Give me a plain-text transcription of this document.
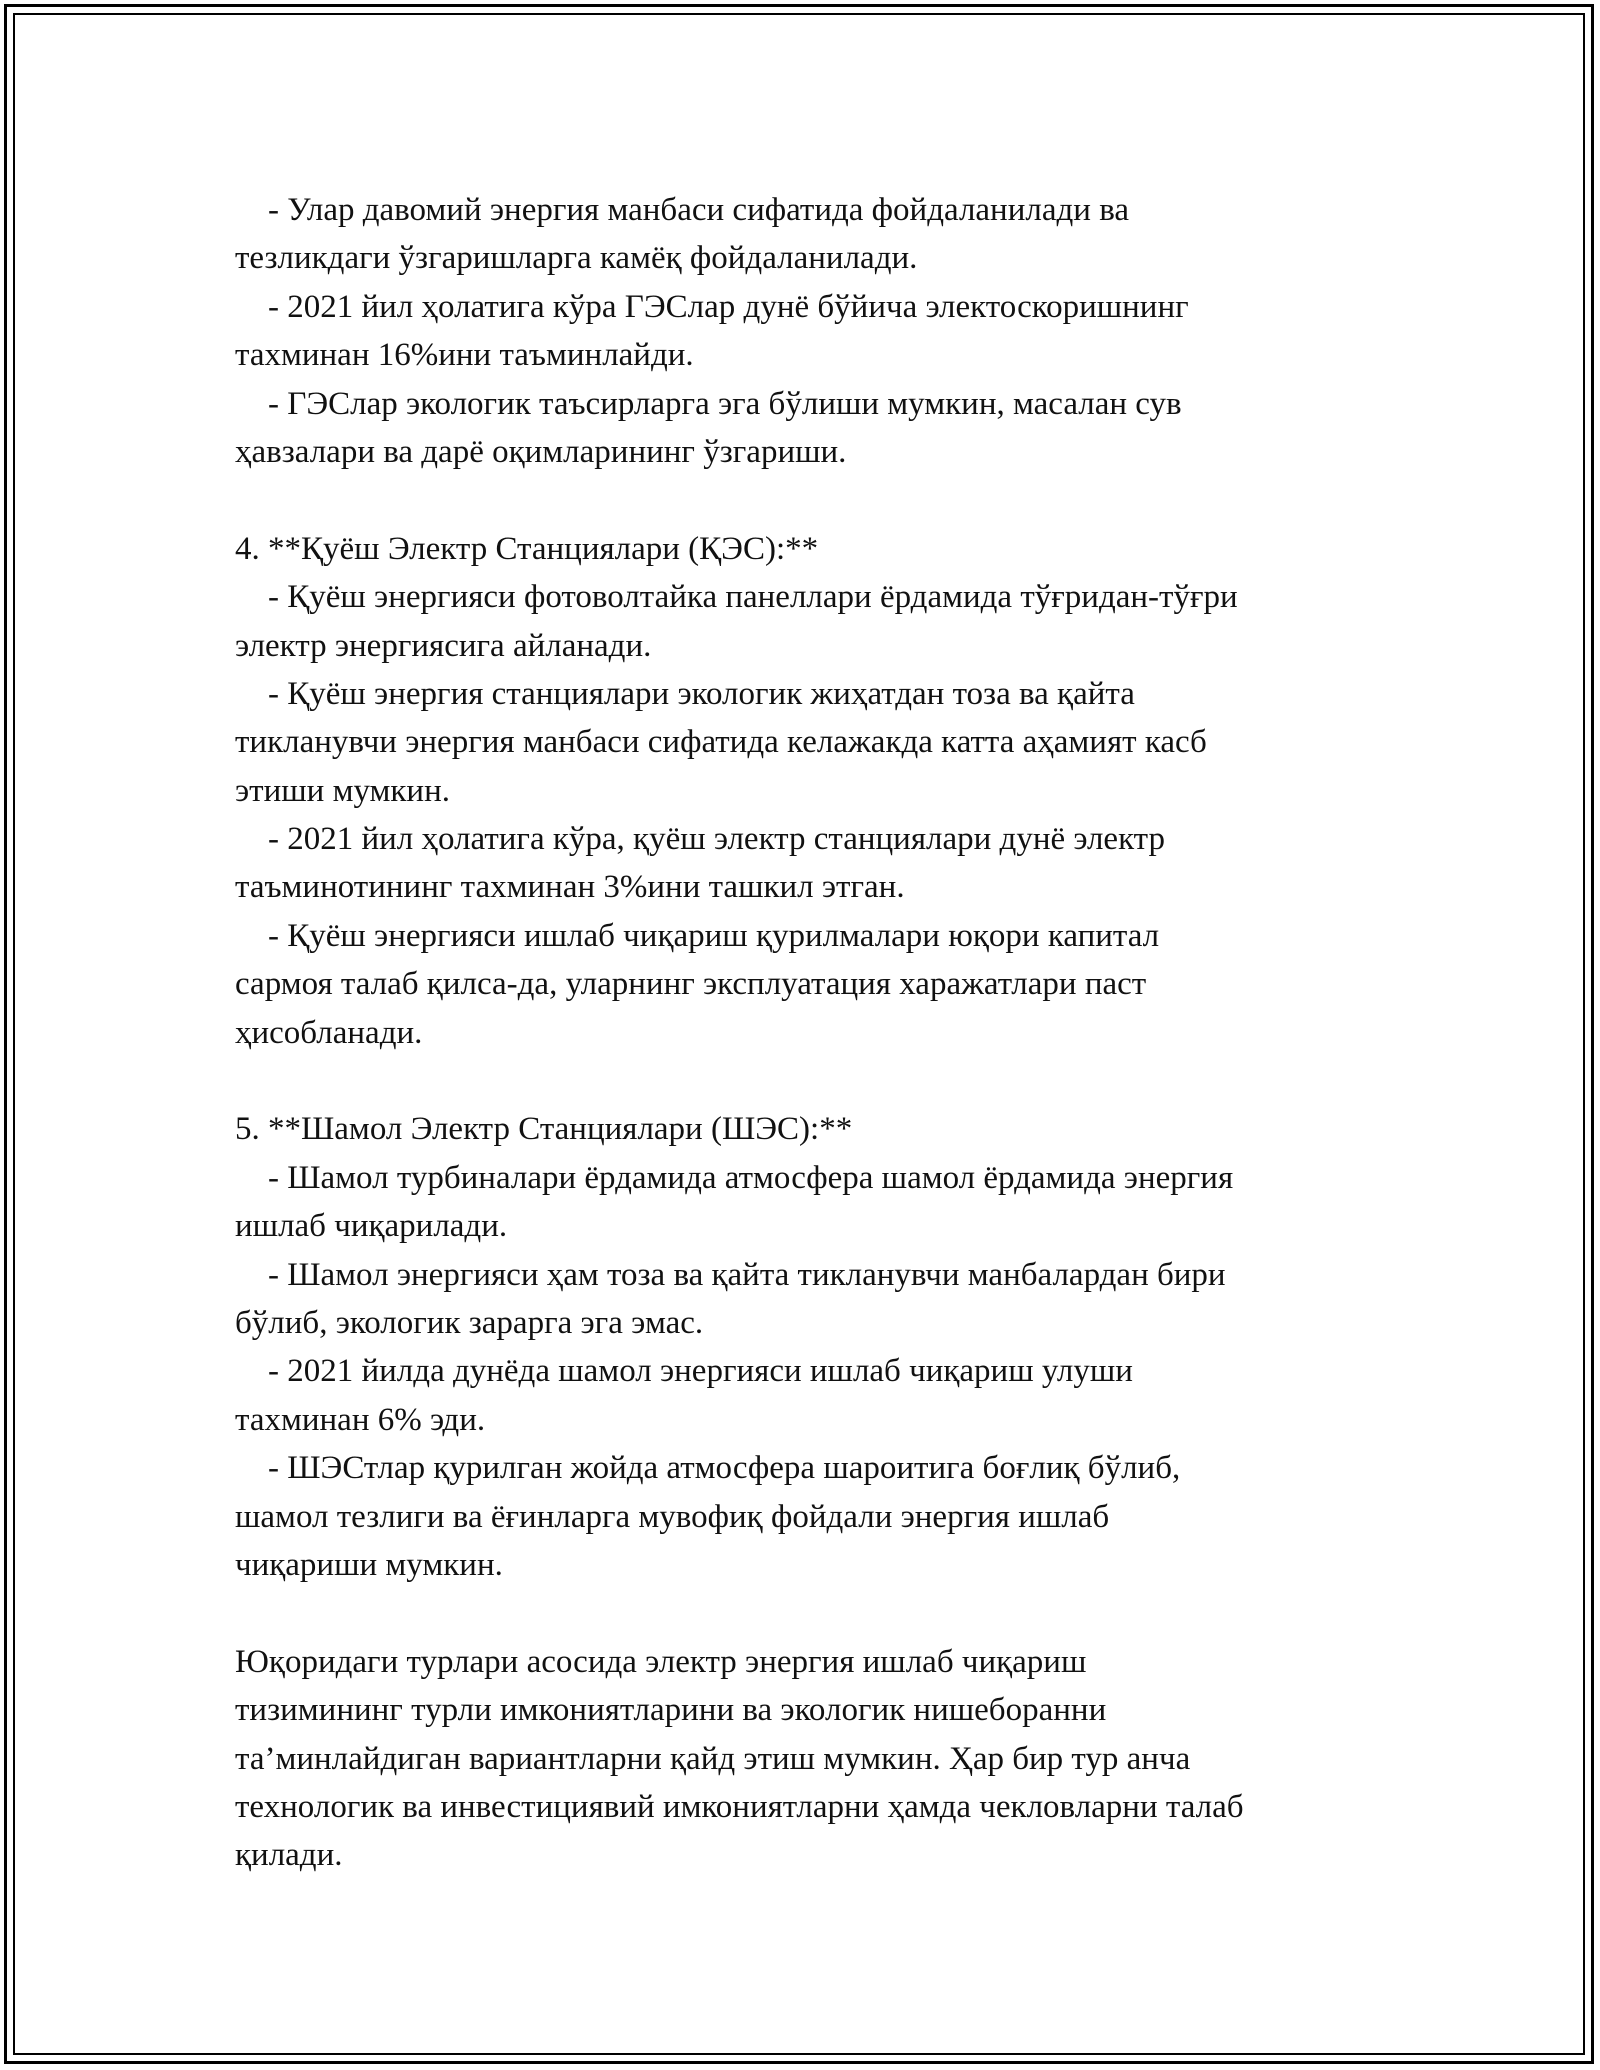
- Улар давомий энергия манбаси сифатида фойдаланилади ва
тезликдаги ўзгаришларга камёқ фойдаланилади.
- 2021 йил ҳолатига кўра ГЭСлар дунё бўйича электоскоришнинг
тахминан 16%ини таъминлайди.
- ГЭСлар экологик таъсирларга эга бўлиши мумкин, масалан сув
ҳавзалари ва дарё оқимларининг ўзгариши.
4. **Қуёш Электр Станциялари (ҚЭС):**
- Қуёш энергияси фотоволтайка панеллари ёрдамида тўғридан-тўғри
электр энергиясига айланади.
- Қуёш энергия станциялари экологик жиҳатдан тоза ва қайта
тикланувчи энергия манбаси сифатида келажакда катта аҳамият касб
этиши мумкин.
- 2021 йил ҳолатига кўра, қуёш электр станциялари дунё электр
таъминотининг тахминан 3%ини ташкил этган.
- Қуёш энергияси ишлаб чиқариш қурилмалари юқори капитал
сармоя талаб қилса-да, уларнинг эксплуатация харажатлари паст
ҳисобланади.
5. **Шамол Электр Станциялари (ШЭС):**
- Шамол турбиналари ёрдамида атмосфера шамол ёрдамида энергия
ишлаб чиқарилади.
- Шамол энергияси ҳам тоза ва қайта тикланувчи манбалардан бири
бўлиб, экологик зарарга эга эмас.
- 2021 йилда дунёда шамол энергияси ишлаб чиқариш улуши
тахминан 6% эди.
- ШЭСтлар қурилган жойда атмосфера шароитига боғлиқ бўлиб,
шамол тезлиги ва ёғинларга мувофиқ фойдали энергия ишлаб
чиқариши мумкин.
Юқоридаги турлари асосида электр энергия ишлаб чиқариш
тизимининг турли имкониятларини ва экологик нишеборанни
та’минлайдиган вариантларни қайд этиш мумкин. Ҳар бир тур анча
технологик ва инвестициявий имкониятларни ҳамда чекловларни талаб
қилади.
